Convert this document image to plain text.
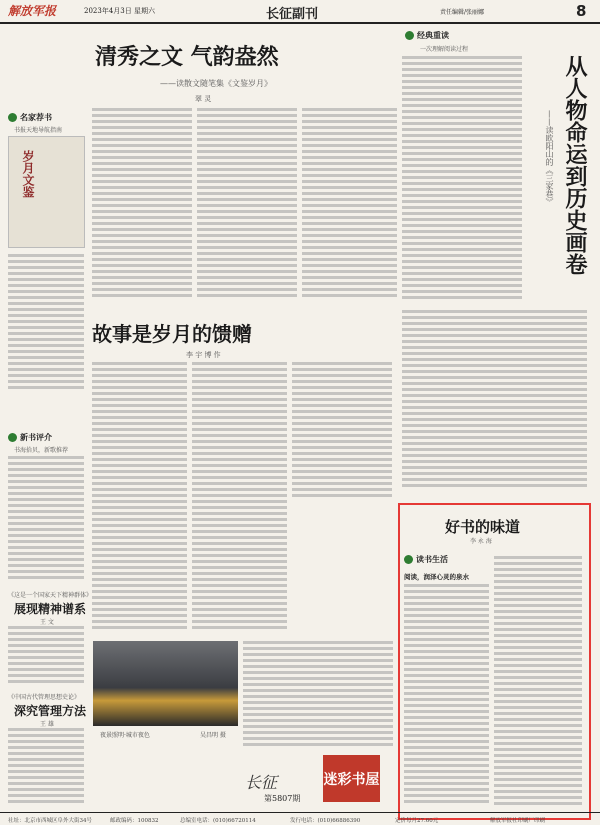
解放军报	2023年4月3日 星期六	长征副刊	责任编辑/张丽娜	8
清秀之文 气韵盎然
——读散文随笔集《文鉴岁月》
翠 灵
名家荐书
书报天地导航指南
岁月文鉴
经典重读
一次理解阅读过程
从人物命运到历史画卷
——读欧阳山的《三家巷》
故事是岁月的馈赠
李 宇 博 作
新书评介
书海拾贝，新歌推荐
《这是一个国家天下精神群体》
展现精神谱系
王 文
《中国古代管理思想史论》
深究管理方法
王 雄
夜景照明·城市夜色	吴昌明 摄
长征	迷彩书屋
第5807期
好书的味道
李 永 海
读书生活
阅读，润泽心灵的泉水
社址：北京市西城区阜外大街34号	邮政编码：100832	总编室电话：(010)66720114	发行电话：(010)66886390	定价每月27.60元	解放军报社印刷厂印刷
